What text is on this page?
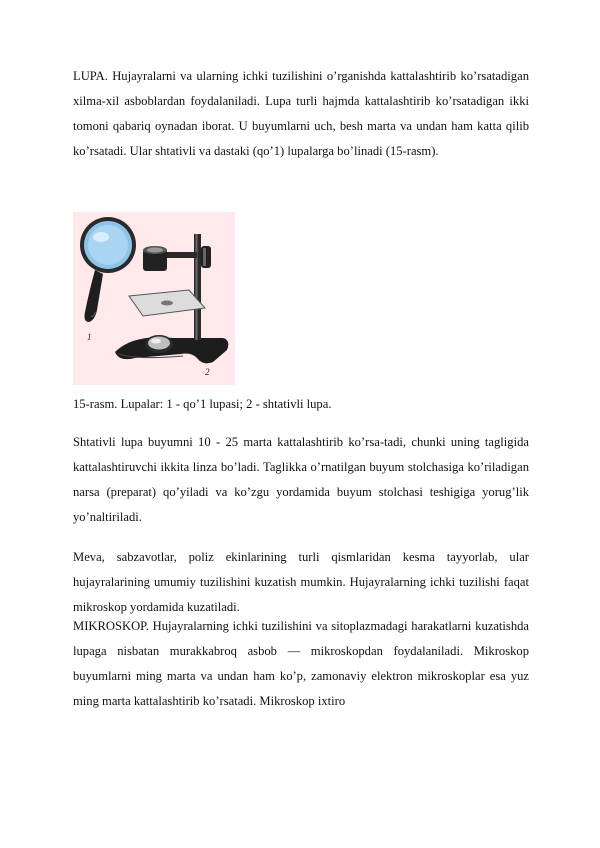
LUPA. Hujayralarni va ularning ichki tuzilishini o’rganishda kattalashtirib ko’rsatadigan xilma-xil asboblardan foydalaniladi. Lupa turli hajmda kattalashtirib ko’rsatadigan ikki tomoni qabariq oynadan iborat. U buyumlarni uch, besh marta va undan ham katta qilib ko’rsatadi. Ular shtativli va dastaki (qo’1) lupalarga bo’linadi (15-rasm).

1
2

15-rasm. Lupalar: 1 - qo’1 lupasi; 2 - shtativli lupa.

Shtativli lupa buyumni 10 - 25 marta kattalashtirib ko’rsa-tadi, chunki uning tagligida kattalashtiruvchi ikkita linza bo’ladi. Taglikka o’rnatilgan buyum stolchasiga ko’riladigan narsa (preparat) qo’yiladi va ko’zgu yordamida buyum stolchasi teshigiga yorug’lik yo’naltiriladi.

Meva, sabzavotlar, poliz ekinlarining turli qismlaridan kesma tayyorlab, ular hujayralarining umumiy tuzilishini kuzatish mumkin. Hujayralarning ichki tuzilishi faqat mikroskop yordamida kuzatiladi.

MIKROSKOP. Hujayralarning ichki tuzilishini va sitoplazmadagi harakatlarni kuzatishda lupaga nisbatan murakkabroq asbob — mikroskopdan foydalaniladi. Mikroskop buyumlarni ming marta va undan ham ko’p, zamonaviy elektron mikroskoplar esa yuz ming marta kattalashtirib ko’rsatadi. Mikroskop ixtiro
